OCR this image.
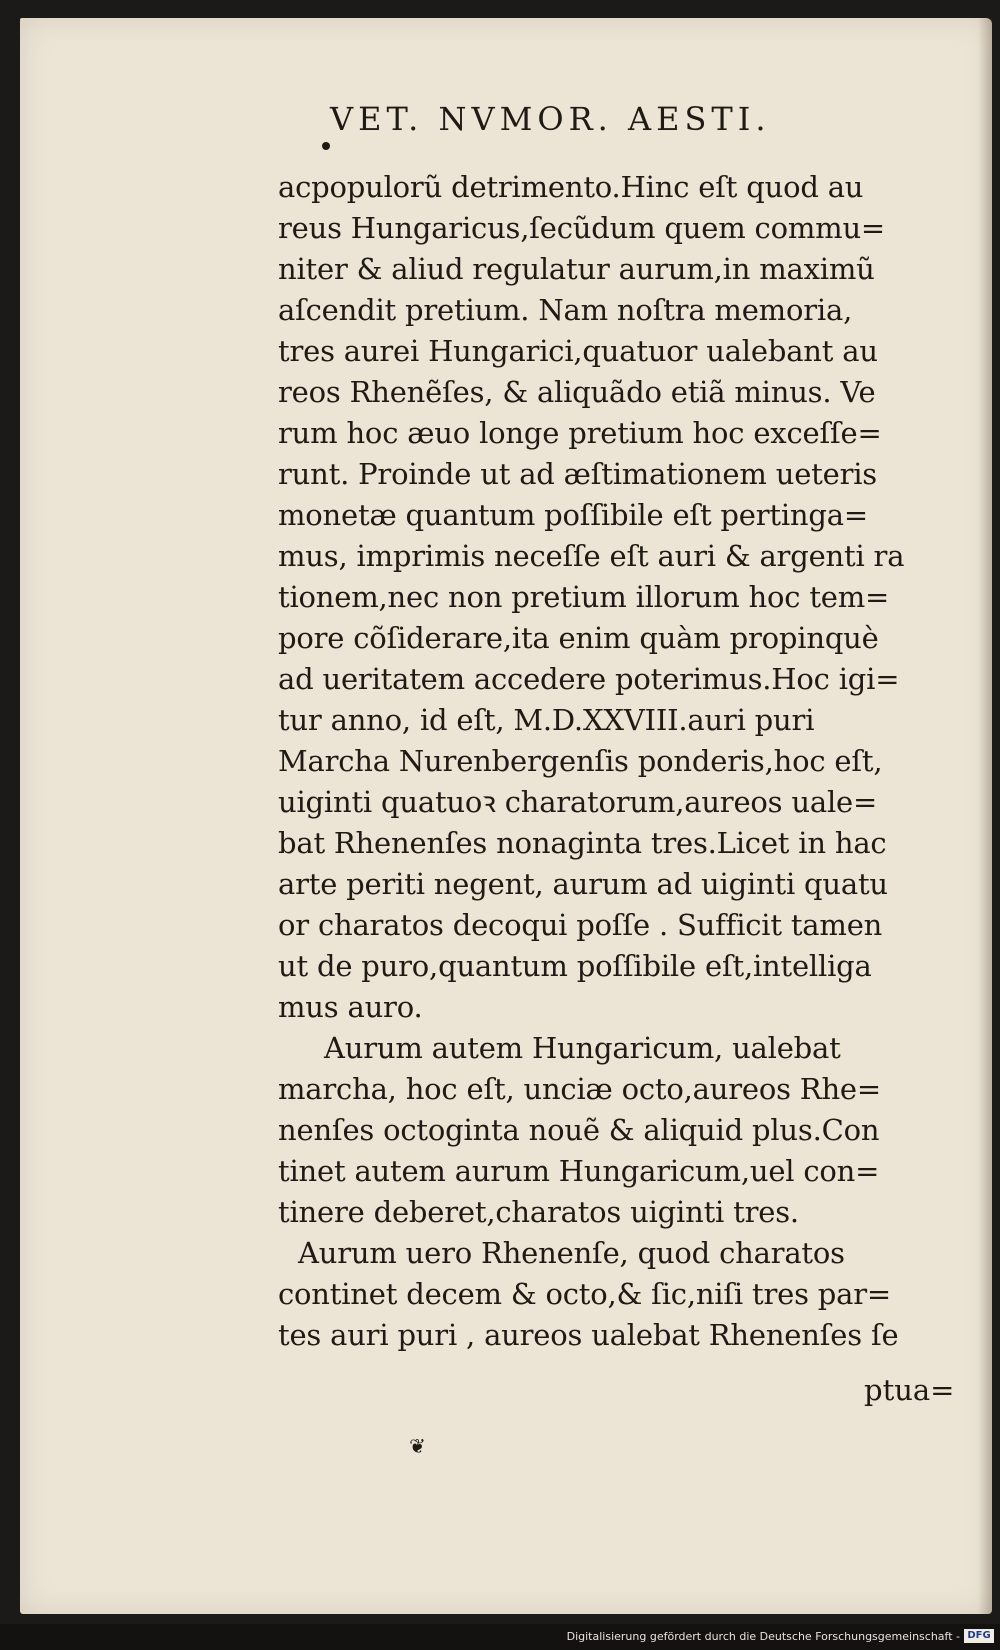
VET. NVMOR. AESTI.
acpopulorũ detrimento.Hinc eſt quod au
reus Hungaricus,ſecũdum quem commu=
niter & aliud regulatur aurum,in maximũ
aſcendit pretium. Nam noſtra memoria,
tres aurei Hungarici,quatuor ualebant au
reos Rhenẽſes, & aliquãdo etiã minus. Ve
rum hoc æuo longe pretium hoc exceſſe=
runt. Proinde ut ad æſtimationem ueteris
monetæ quantum poſſibile eſt pertinga=
mus, imprimis neceſſe eſt auri & argenti ra
tionem,nec non pretium illorum hoc tem=
pore cõſiderare,ita enim quàm propinquè
ad ueritatem accedere poterimus.Hoc igi=
tur anno, id eſt, M.D.XXVIII.auri puri
Marcha Nurenbergenſis ponderis,hoc eſt,
uiginti quatuoꝛ charatorum,aureos uale=
bat Rhenenſes nonaginta tres.Licet in hac
arte periti negent, aurum ad uiginti quatu
or charatos decoqui poſſe . Sufficit tamen
ut de puro,quantum poſſibile eſt,intelliga
mus auro.
Aurum autem Hungaricum, ualebat
marcha, hoc eſt, unciæ octo,aureos Rhe=
nenſes octoginta nouẽ & aliquid plus.Con
tinet autem aurum Hungaricum,uel con=
tinere deberet,charatos uiginti tres.
Aurum uero Rhenenſe, quod charatos
continet decem & octo,& ſic,niſi tres par=
tes auri puri , aureos ualebat Rhenenſes ſe
ptua=
❦
Digitalisierung gefördert durch die Deutsche Forschungsgemeinschaft - DFG
